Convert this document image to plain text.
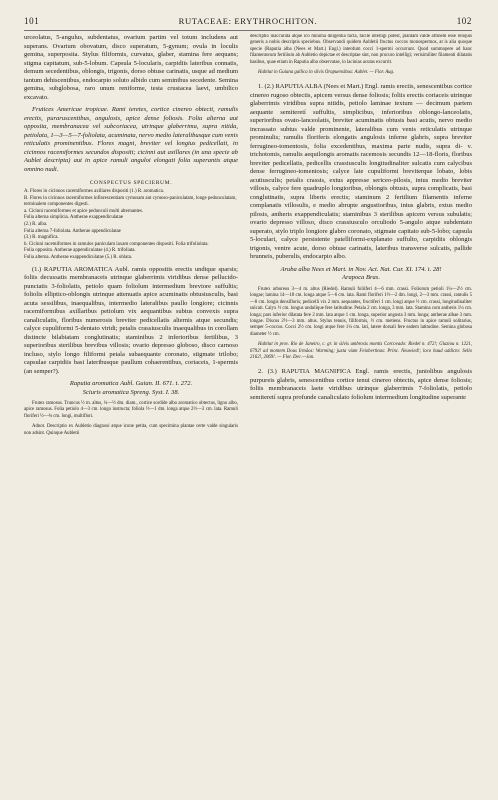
101	RUTACEAE: ERYTHROCHITON.	102

urceolatus, 5-angulus, subdentatus, ovarium partim vel totum includens aut superans. Ovarium obovatum, disco superatum, 5-gynum; ovula in loculis gemina, superposita. Stylus filiformis, curvatus, glaber, stamina fere aequans; stigma capitatum, sub-5-lobum. Capsula 5-locularis, carpidiis lateribus connatis, demum secedentibus, oblongis, trigonis, dorso obtuse carinatis, usque ad medium tantum dehiscentibus, endocarpio soluto albido cum seminibus secedente. Semina gemina, subglobosa, raro unum reniforme, testa crustacea laevi, umbilico excavato.

Frutices Americae tropicae. Rami teretes, cortice cinereo obtecti, ramulis erectis, puraruscentibus, angulosis, apice dense foliosis. Folia alterna aut opposita, membranacea vel subcoriacea, utrinque glaberrima, supra nitida, petiolata, 1—3—5—7-foliolata, acuminata, nervo medio lateralibusque cum venis reticulatis prominentibus. Flores magni, breviter vel longius pedicellati, in cicinnos racemiformes secundos dispositi; cicinni aut axillares (in una specie ab Aublet descripta) aut in apice ramuli anguloi elongati folia superantis atque omnino nudi.

CONSPECTUS SPECIERUM.
A. Flores in cicinnos racemiformes axillares dispositi (1.) R. aromatica.
B. Flores in cicinnos racemiformes inflorescentiam cymosam aut cymoso-paniculatam, longe pedunculatam, terminalem componentes digesti.
a. Cicinni racemiformes et apice pedunculi multi alternantes.
Folia alterna simplicia. Antherae exappendiculatae
(2.) R. alba.
Folia alterna 7-foliolata. Antherae appendiculatae
(3.) R. magnifica.
b. Cicinni racemiformes in ramulos paniculam laxam componentes dispositi. Folia trifoliolata.
Folia opposita. Antherae appendiculatae (4.) R. trifoliata.
Folia alterna. Antherae exappendiculatae (5.) R. oblata.

(1.) RAPUTIA AROMATICA Aubl. ramis oppositis erectis undique sparsis; foliis decussatis membranaceis utrinque glaberrimis viridibus dense pellucido-punctatis 3-foliolatis, petiolo quam foliolum intermedium breviore suffultis; foliolis elliptico-oblongis utrinque attenuatis apice acuminatis obtusiusculis, basi acuta sessilibus, inaequalibus, intermedio lateralibus paullo longiore; cicinnis racemiformibus axillaribus petiolum vix aequantibus subtus convexis supra canaliculatis, floribus numerosis breviter pedicellatis alternis atque secundis; calyce cupuliformi 5-dentato viridi; petalis crassiusculis inaequalibus in corollam distincte bilabiatam conglutinatis; staminibus 2 inferioribus fertilibus, 3 superioribus sterilibus brevibus villosis; ovario depresso globoso, disco carnoso incluso, stylo longo filiformi petala subaequante coronato, stigmate trilobo; capsulae carpidiis basi lateribusque paullum cohaerentibus, coriaceis, 1-spermis (an semper?).

Raputia aromatica Aubl. Guian. II. 671. t. 272.

Sciuris aromatica Spreng. Syst. I. 38.

Frutex ramosus. Truncus ½ m. altus, ¼—½ dm. diam., cortice sordide albo aromatico obtectus, ligno albo, apice ramosus. Folia petiolo 4—3 cm. longo instructa; foliola ½—1 dm. longa atque 2½—3 cm. lata. Ramuli floriferi ½—¾ cm. longi, multiflori.

Adnot. Descriptio ex Aubletio diagnosi atque icone petita, cum specimina plantae certe valde singularis non adsint. Quinque Aubletii

descriptio inaccurata atque ico minima diligentia facta, facile intelligi potest, plantam valde affinem esse reliquis generis a nobis descriptis speciebus. Observandi quidem Aubletii fructus coccos monospermos, at is alia quoque specie (Raputia alba (Nees et Mart.) Engl.) interdum cocci 1-spermi occurrunt. Quod summopere ad hanc filamentorum fertilium ab Aubletio depictae et descriptae sint, non procuro intelligi; verisimiliter filamenti dilatatis basibus, quae etiam in Raputia alba observatae, in lacinias acutas excurrit.

Habitat in Guiana gallica in silvis Orapuensibus: Aublet. — Flor. Aug.

1. (2.) RAPUTIA ALBA (Nees et Mart.) Engl. ramis erectis, senescentibus cortice cinereo rugoso obtectis, apicem versus dense foliosis; foliis erectis coriaceis utrinque glaberrimis viridibus supra nitidis, petiolo laminae textum — decimum partem aequante semiteretí suffultis, simplicibus, inferioribus oblongo-lanceolatis, superioribus ovato-lanceolatis, breviter acuminatis obtusis basi acutis, nervo medio incrassato subtus valde prominente, lateralibus cum venis reticulatis utrinque prominulis; ramulis floriferis elongatis angulosis inferne glabris, supra breviter ferrugineo-tomentosis, folia excedentibus, maxima parte nudis, supra di- v. trichotomis, ramulis aequilongis aromatis racemosis secundis 12—18-floris, floribus breviter pedicellatis, pedicellis crassiusculis longitudinaliter sulcatis cum calycibus dense ferrugineo-tomentosis; calyce late cupuliformi breviterque lobato, lobis acutiusculis; petalis crassis, extus appresse sericeo-pilosis, intus medio breviter villosis, calyce fere quadruplo longioribus, oblongis obtusis, supra complicatis, basi conglutinatis, supra liberis erectis; staminum 2 fertilium filamentis inferne complanatis villosulis, e medio abrupte angustioribus, intus glabris, extus medio pilosis, antheris exappendiculatis; staminibus 3 sterilibus apicem versus subulatis; ovario depresso villoso, disco crassiusculo orculiodo 5-angulo atque subdentato superato, stylo triplo longiore glabro coronato, stigmate capitato sub-5-lobo; capsula 5-loculari, calyce persistente patelliformi-explanato suffulto, carpidiis oblongis trigonis, ventre acute, dorso obtuse carinatis, lateribus transverse sulcatis, pallide brunneis, puberulis, endocarpio albo.

Aruba alba Nees et Mart. in Nov. Act. Nat. Cur. XI. 174. t. 28!

Arapoca Bras.

Frutex arboreus 3—4 m. altus (Riedel). Ramuli foliiferi 4—6 mm. crassi. Foliorum petioli 1¼—2½ cm. longae; lamina 14—18 cm. longa atque 5—6 cm. lata. Rami floriferi 1½—2 dm. longi, 2—3 mm. crassi, ramulis 5—8 cm. longis densifloris; pedicelli vix 2 mm. aequantes, fructiferi 1 cm. longi atque ½ cm. crassi, longitudinaliter sulcati. Calyx ½ cm. longus undulique fere latitudine. Petala 2 cm. longa, 3 mm. lata. Stamina cum antheris 1¼ cm. longa; pars inferior dilatata fere 2 mm. lata atque 1 cm. longa, superior angusta 3 mm. longa; antherae albae 3 mm. longae. Discus 2½—3 mm. altus. Stylus tenuis, filiformis, ½ cm. metiens. Fructus in apice ramuli solitarius, semper 5-coccus. Cocci 2½ cm. longi atque fere 1¼ cm. lati, latere dorsali fere eadem latitudine. Semina globosa diameter ½ cm.

Habitat in prov. Rio de Janeiro, c. gr. in silvis umbrosis montis Corcovado: Riedel n. 472!; Glaziou n. 1221, 6792! ad montem Dous Irmãos: Warming; juxta viam Feiobertinas: Princ. Neuwied!; loco haud addicto: Sello 2162!, 2069!. — Flor. Dec.—Jan.

2. (3.) RAPUTIA MAGNIFICA Engl. ramis erectis, juniolibus angulosis purpureis glabris, senescentibus cortice tenui cinereo obtectis, apice dense foliosis; foliis membranaceis laete viridibus utrinque glaberrimis 7-foliolatis, petiolo semiteretí supra profunde canaliculato foliolum intermedium longitudine superante
